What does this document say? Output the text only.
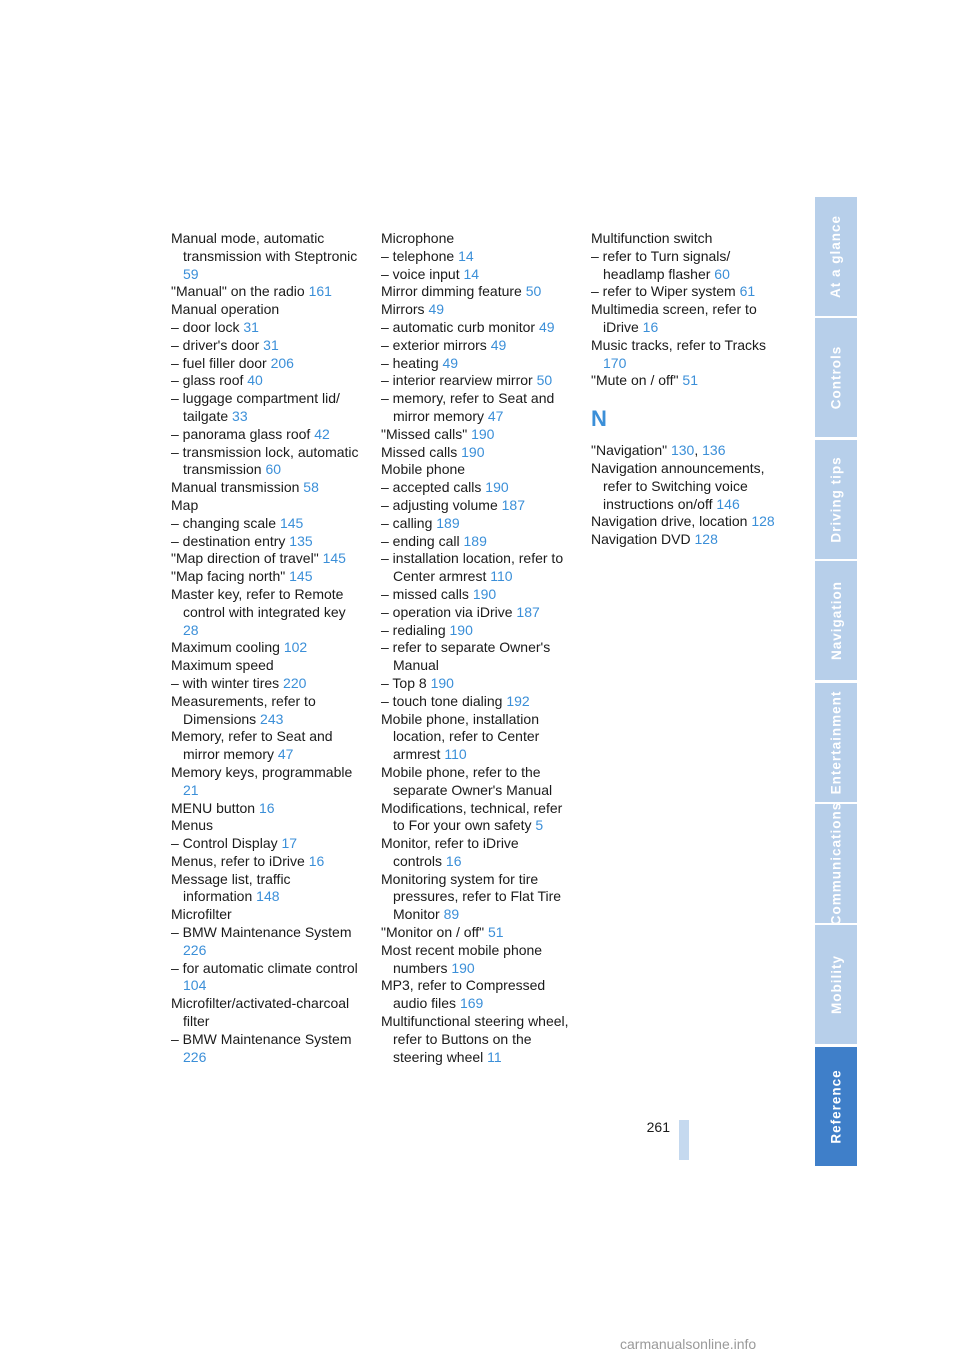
Manual mode, automatic transmission with Steptronic 59
"Manual" on the radio 161
Manual operation
– door lock 31
– driver's door 31
– fuel filler door 206
– glass roof 40
– luggage compartment lid/ tailgate 33
– panorama glass roof 42
– transmission lock, automatic transmission 60
Manual transmission 58
Map
– changing scale 145
– destination entry 135
"Map direction of travel" 145
"Map facing north" 145
Master key, refer to Remote control with integrated key 28
Maximum cooling 102
Maximum speed
– with winter tires 220
Measurements, refer to Dimensions 243
Memory, refer to Seat and mirror memory 47
Memory keys, programmable 21
MENU button 16
Menus
– Control Display 17
Menus, refer to iDrive 16
Message list, traffic information 148
Microfilter
– BMW Maintenance System 226
– for automatic climate control 104
Microfilter/activated-charcoal filter
– BMW Maintenance System 226
Microphone
– telephone 14
– voice input 14
Mirror dimming feature 50
Mirrors 49
– automatic curb monitor 49
– exterior mirrors 49
– heating 49
– interior rearview mirror 50
– memory, refer to Seat and mirror memory 47
"Missed calls" 190
Missed calls 190
Mobile phone
– accepted calls 190
– adjusting volume 187
– calling 189
– ending call 189
– installation location, refer to Center armrest 110
– missed calls 190
– operation via iDrive 187
– redialing 190
– refer to separate Owner's Manual
– Top 8 190
– touch tone dialing 192
Mobile phone, installation location, refer to Center armrest 110
Mobile phone, refer to the separate Owner's Manual
Modifications, technical, refer to For your own safety 5
Monitor, refer to iDrive controls 16
Monitoring system for tire pressures, refer to Flat Tire Monitor 89
"Monitor on / off" 51
Most recent mobile phone numbers 190
MP3, refer to Compressed audio files 169
Multifunctional steering wheel, refer to Buttons on the steering wheel 11
Multifunction switch
– refer to Turn signals/ headlamp flasher 60
– refer to Wiper system 61
Multimedia screen, refer to iDrive 16
Music tracks, refer to Tracks 170
"Mute on / off" 51
N
"Navigation" 130, 136
Navigation announcements, refer to Switching voice instructions on/off 146
Navigation drive, location 128
Navigation DVD 128
At a glance
Controls
Driving tips
Navigation
Entertainment
Communications
Mobility
Reference
261
carmanualsonline.info
